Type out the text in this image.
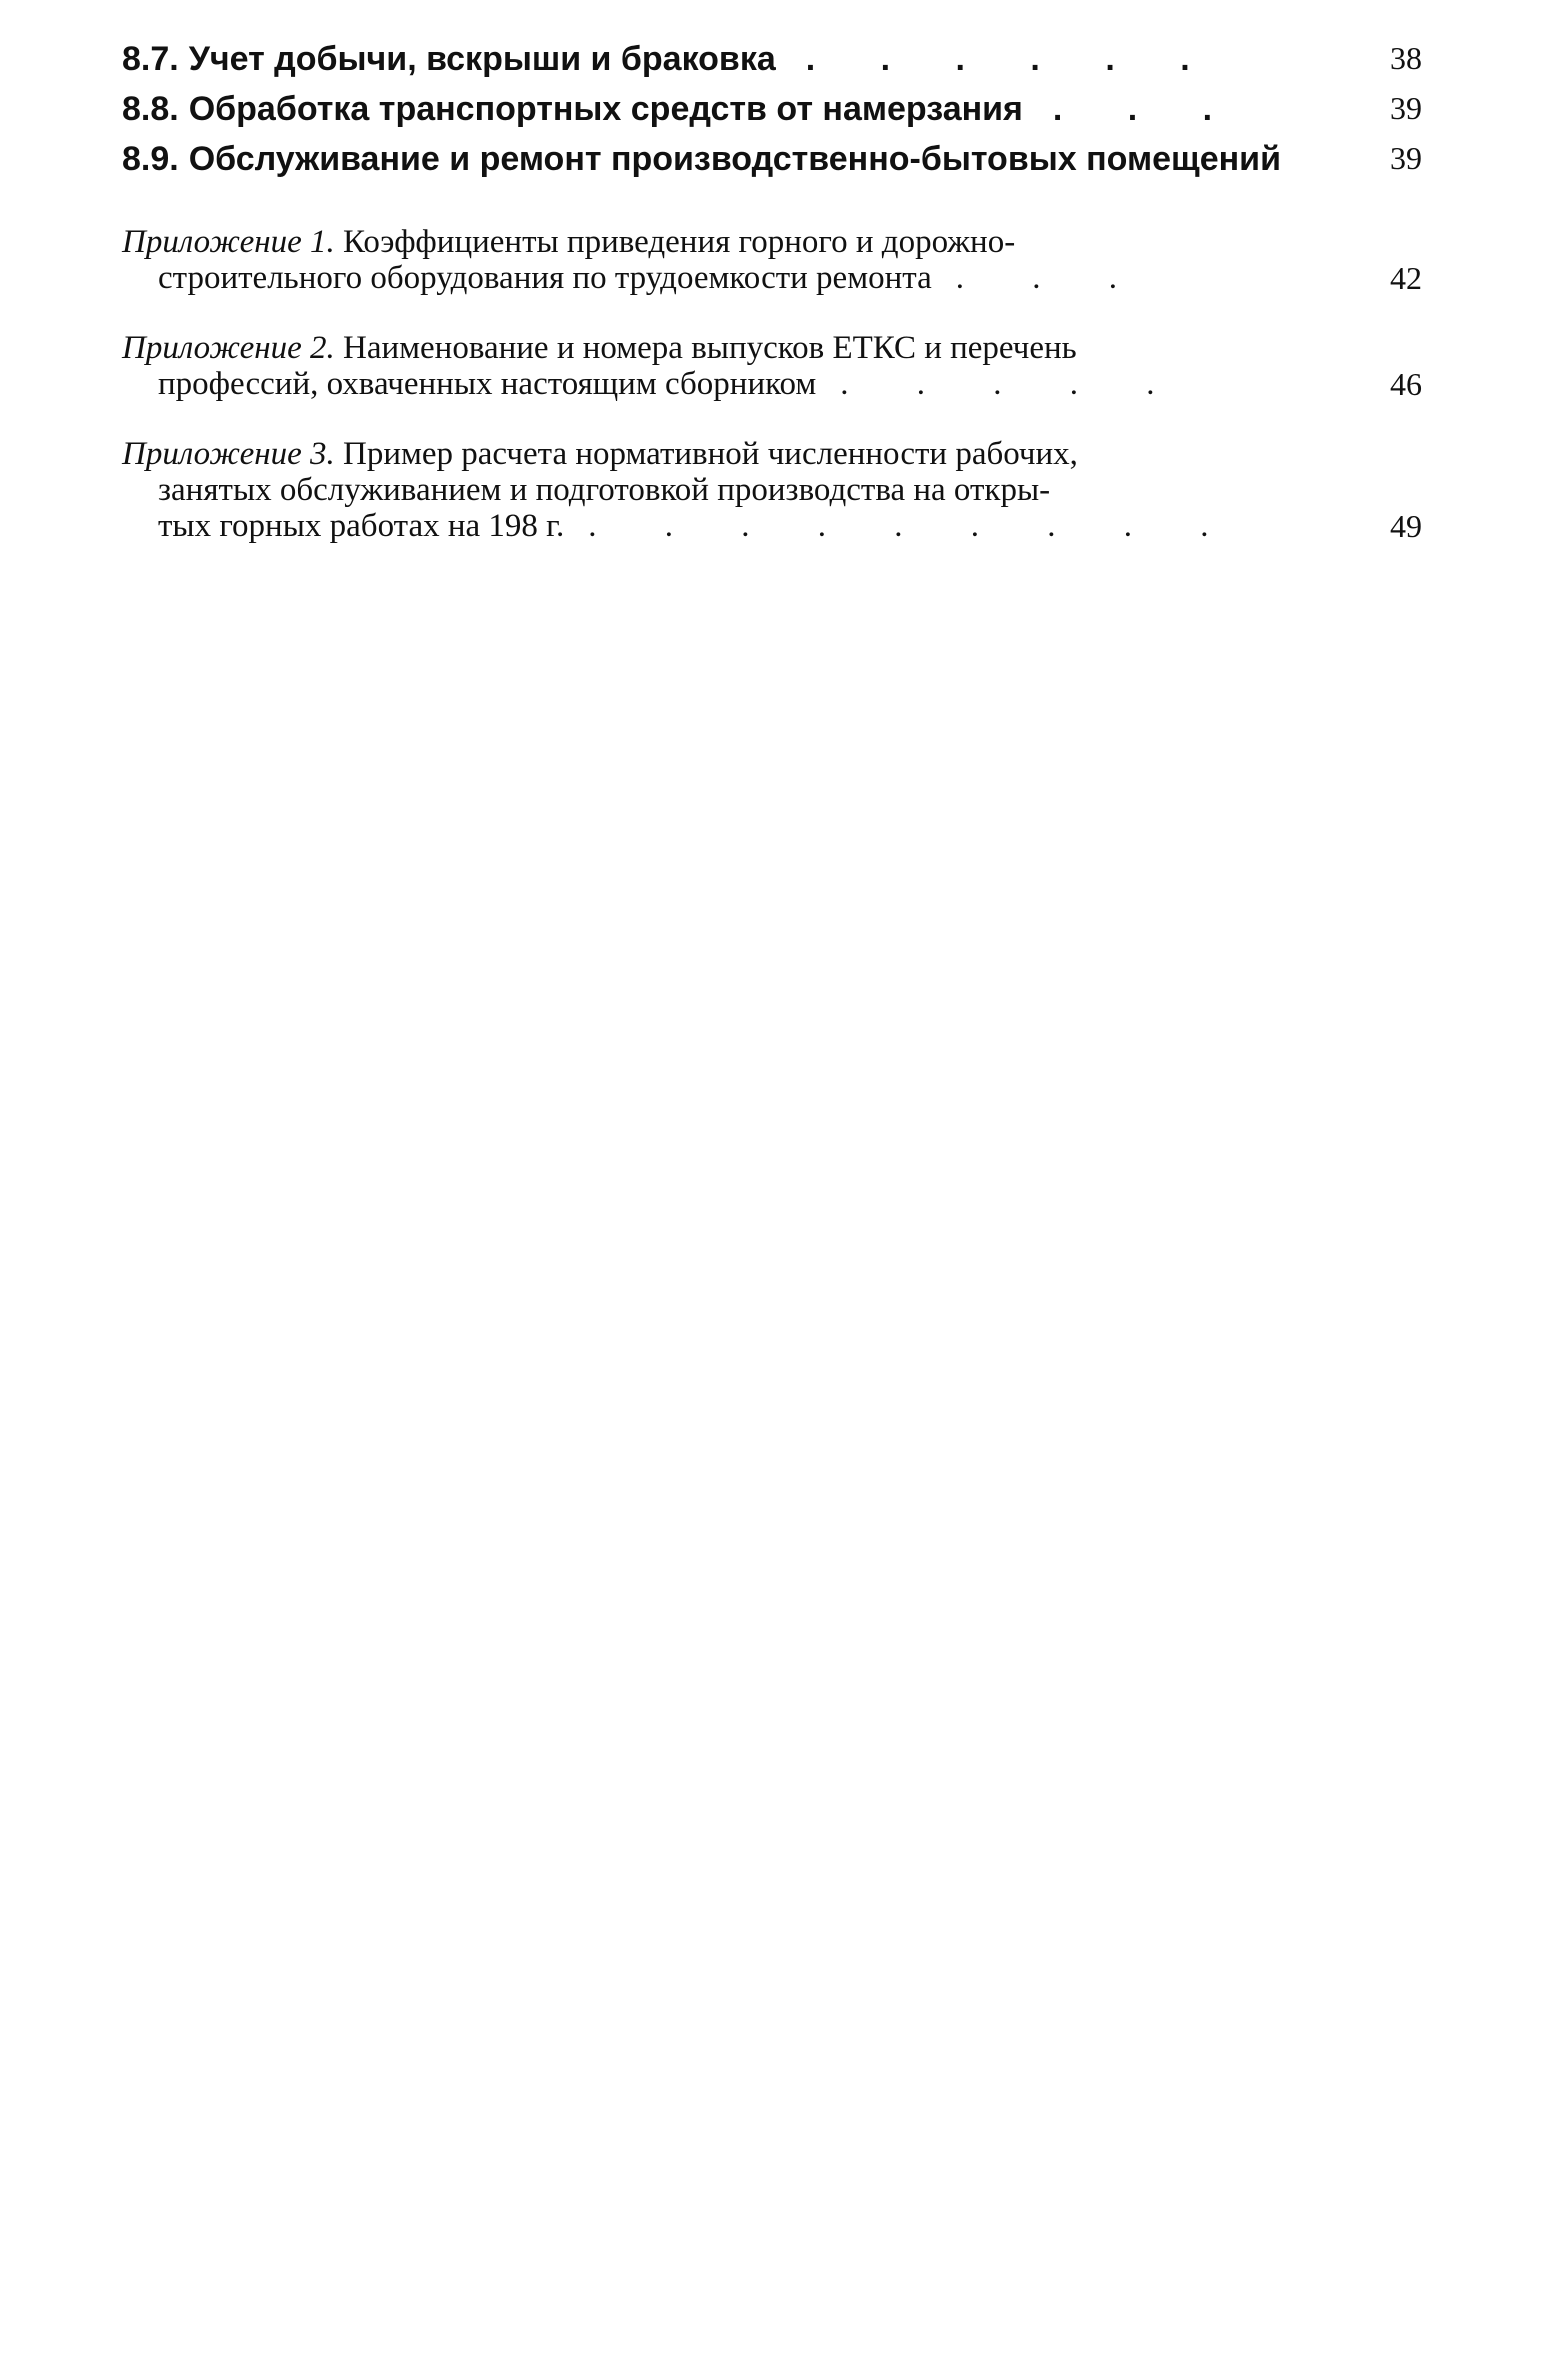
8.7. Учет добычи, вскрыши и браковка . . . . . .	38
8.8. Обработка транспортных средств от намерзания . . .	39
8.9. Обслуживание и ремонт производственно-бытовых помещений	39
Приложение 1. Коэффициенты приведения горного и дорожно-
строительного оборудования по трудоемкости ремонта . . .	42
Приложение 2. Наименование и номера выпусков ЕТКС и перечень
профессий, охваченных настоящим сборником . . . . .	46
Приложение 3. Пример расчета нормативной численности рабочих,
занятых обслуживанием и подготовкой производства на откры-
тых горных работах на 198 г. . . . . . . . . .	49
